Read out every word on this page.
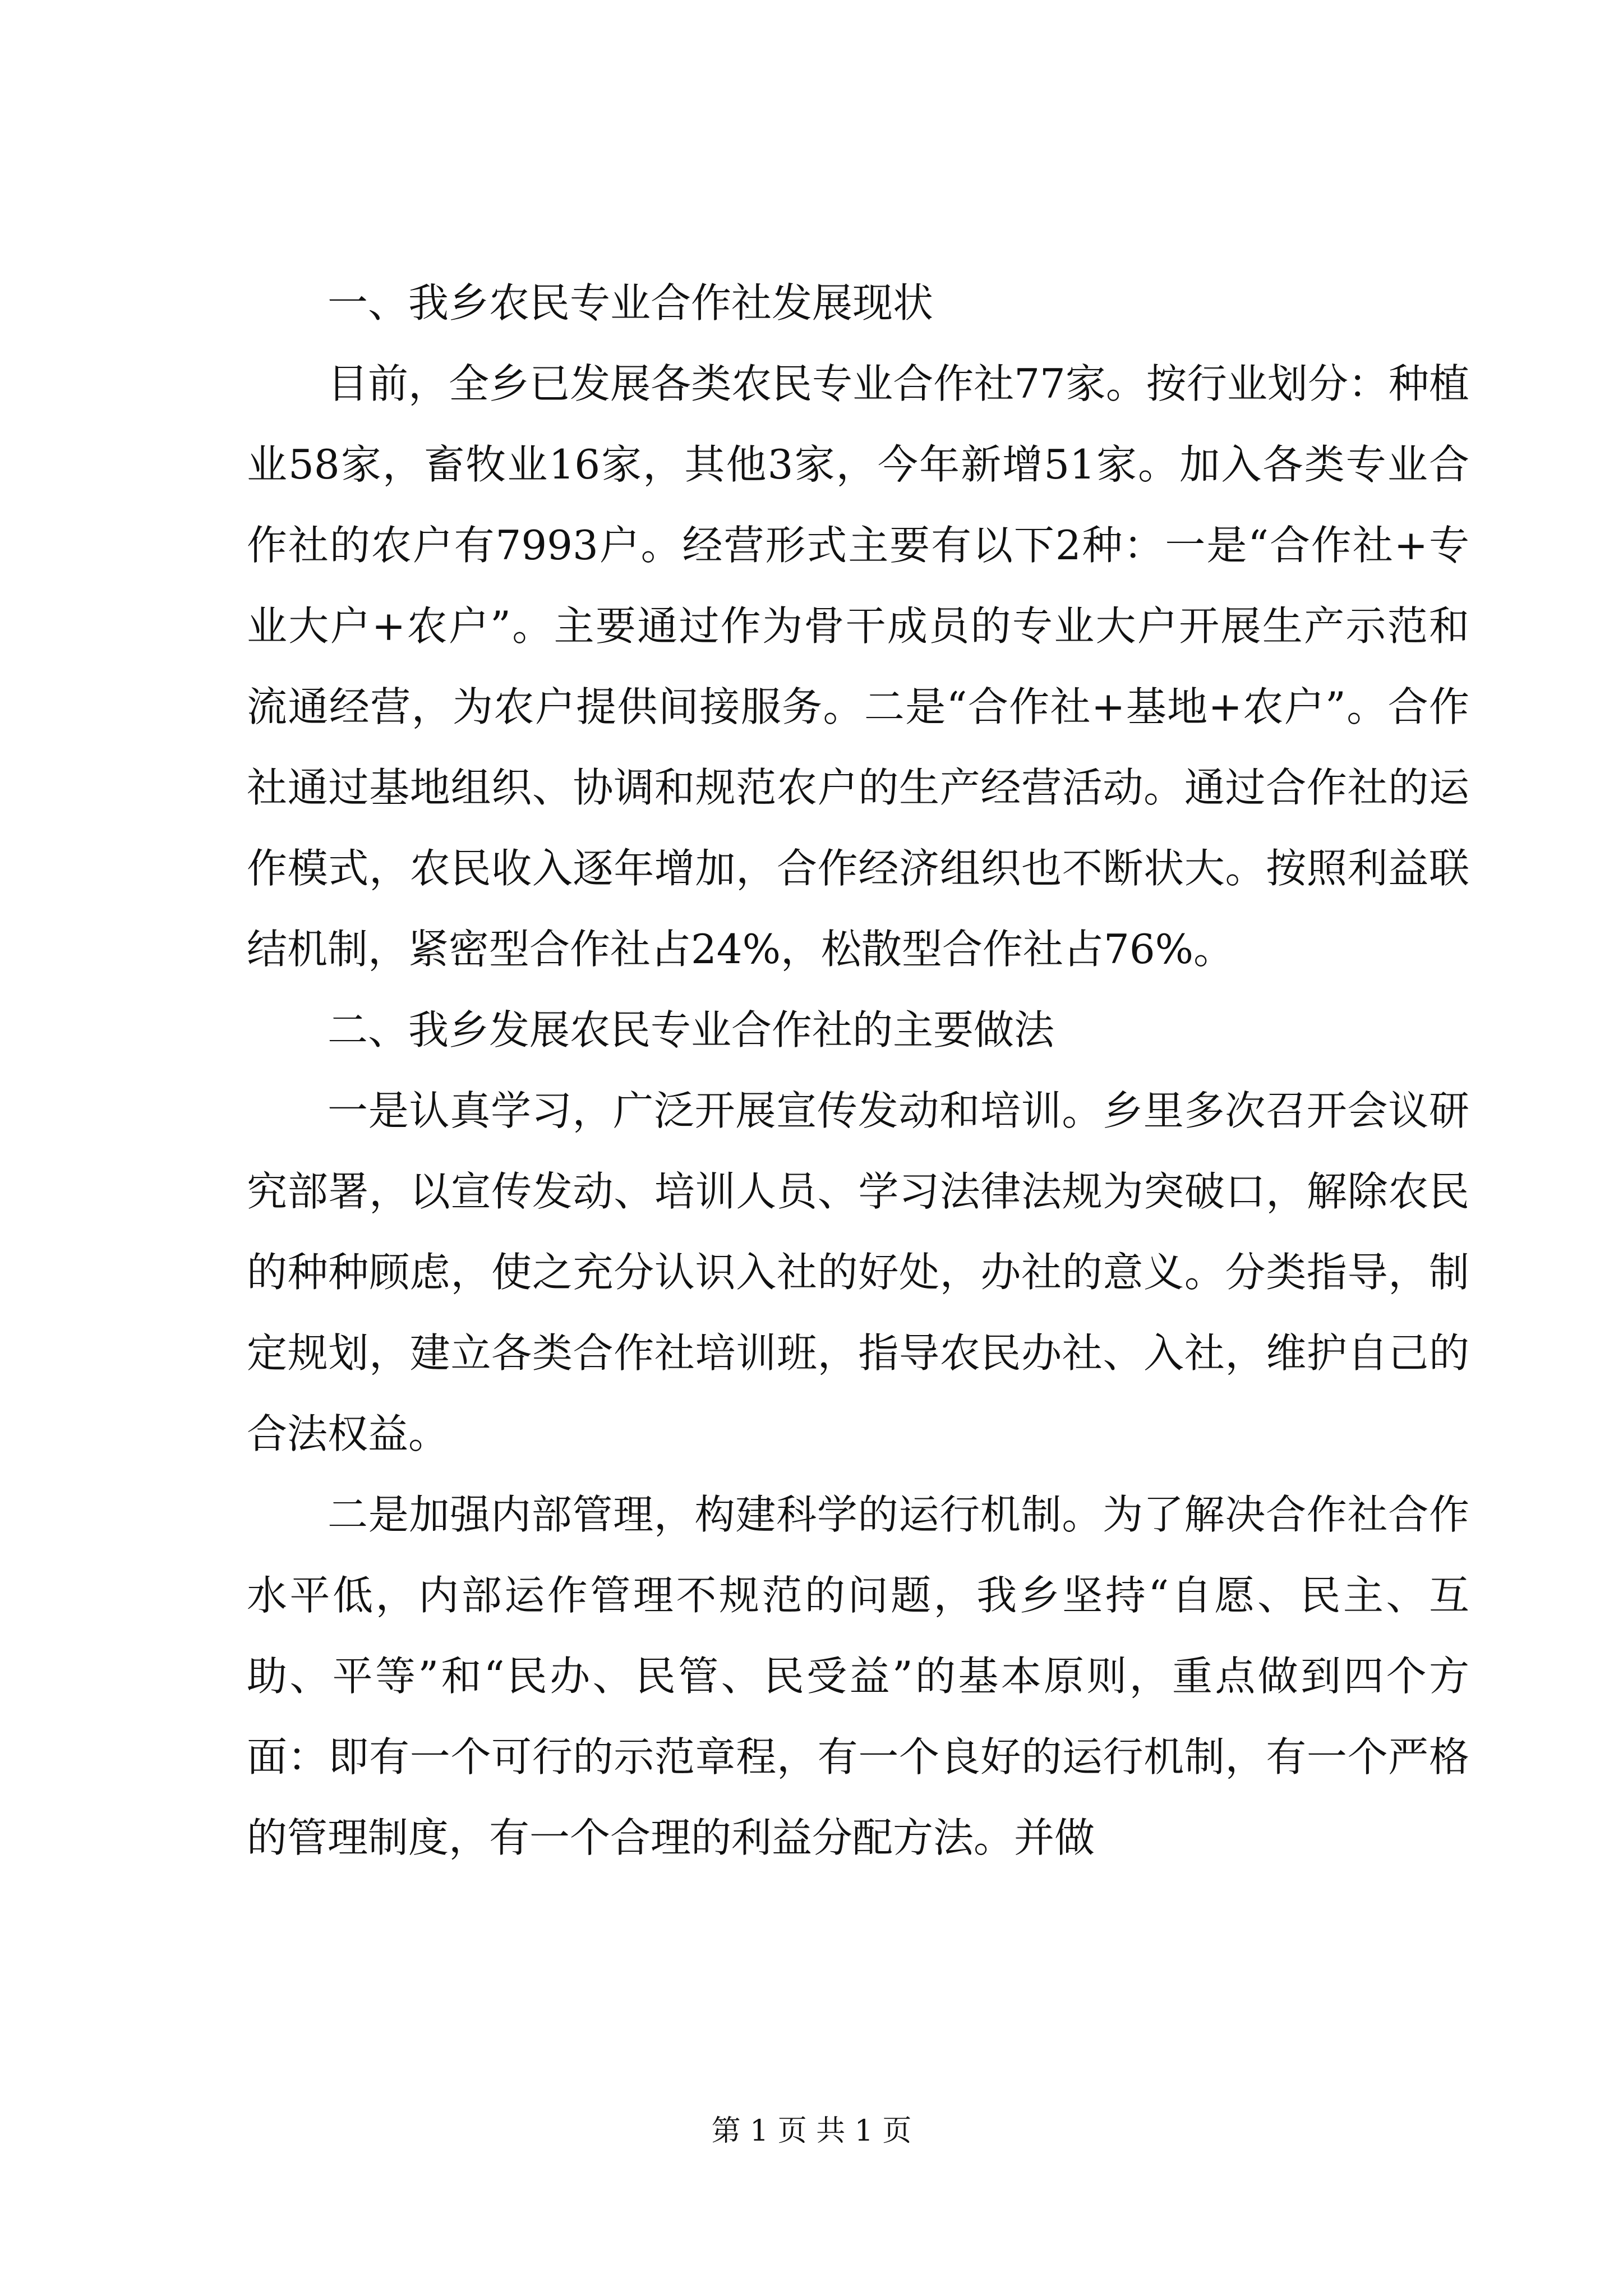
一、我乡农民专业合作社发展现状

目前，全乡已发展各类农民专业合作社77家。按行业划分：种植业58家，畜牧业16家，其他3家，今年新增51家。加入各类专业合作社的农户有7993户。经营形式主要有以下2种：一是“合作社+专业大户+农户”。主要通过作为骨干成员的专业大户开展生产示范和流通经营，为农户提供间接服务。二是“合作社+基地+农户”。合作社通过基地组织、协调和规范农户的生产经营活动。通过合作社的运作模式，农民收入逐年增加，合作经济组织也不断状大。按照利益联结机制，紧密型合作社占24%，松散型合作社占76%。

二、我乡发展农民专业合作社的主要做法

一是认真学习，广泛开展宣传发动和培训。乡里多次召开会议研究部署，以宣传发动、培训人员、学习法律法规为突破口，解除农民的种种顾虑，使之充分认识入社的好处，办社的意义。分类指导，制定规划，建立各类合作社培训班，指导农民办社、入社，维护自己的合法权益。

二是加强内部管理，构建科学的运行机制。为了解决合作社合作水平低，内部运作管理不规范的问题，我乡坚持“自愿、民主、互助、平等”和“民办、民管、民受益”的基本原则，重点做到四个方面：即有一个可行的示范章程，有一个良好的运行机制，有一个严格的管理制度，有一个合理的利益分配方法。并做

第 1 页 共 1 页
